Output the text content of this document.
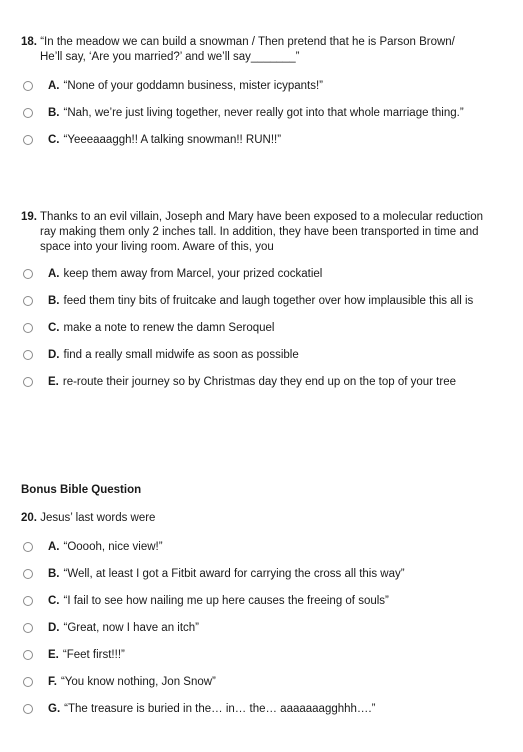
18. “In the meadow we can build a snowman / Then pretend that he is Parson Brown/
He’ll say, ‘Are you married?’ and we’ll say_______”

A. “None of your goddamn business, mister icypants!”
B. “Nah, we’re just living together, never really got into that whole marriage thing.”
C. “Yeeeaaaggh!! A talking snowman!! RUN!!”

19. Thanks to an evil villain, Joseph and Mary have been exposed to a molecular reduction
ray making them only 2 inches tall. In addition, they have been transported in time and
space into your living room. Aware of this, you

A. keep them away from Marcel, your prized cockatiel
B. feed them tiny bits of fruitcake and laugh together over how implausible this all is
C. make a note to renew the damn Seroquel
D. find a really small midwife as soon as possible
E. re-route their journey so by Christmas day they end up on the top of your tree

Bonus Bible Question

20. Jesus’ last words were

A. “Ooooh, nice view!”
B. “Well, at least I got a Fitbit award for carrying the cross all this way”
C. “I fail to see how nailing me up here causes the freeing of souls”
D. “Great, now I have an itch”
E. “Feet first!!!”
F. “You know nothing, Jon Snow”
G. “The treasure is buried in the… in… the… aaaaaaagghhh….”
